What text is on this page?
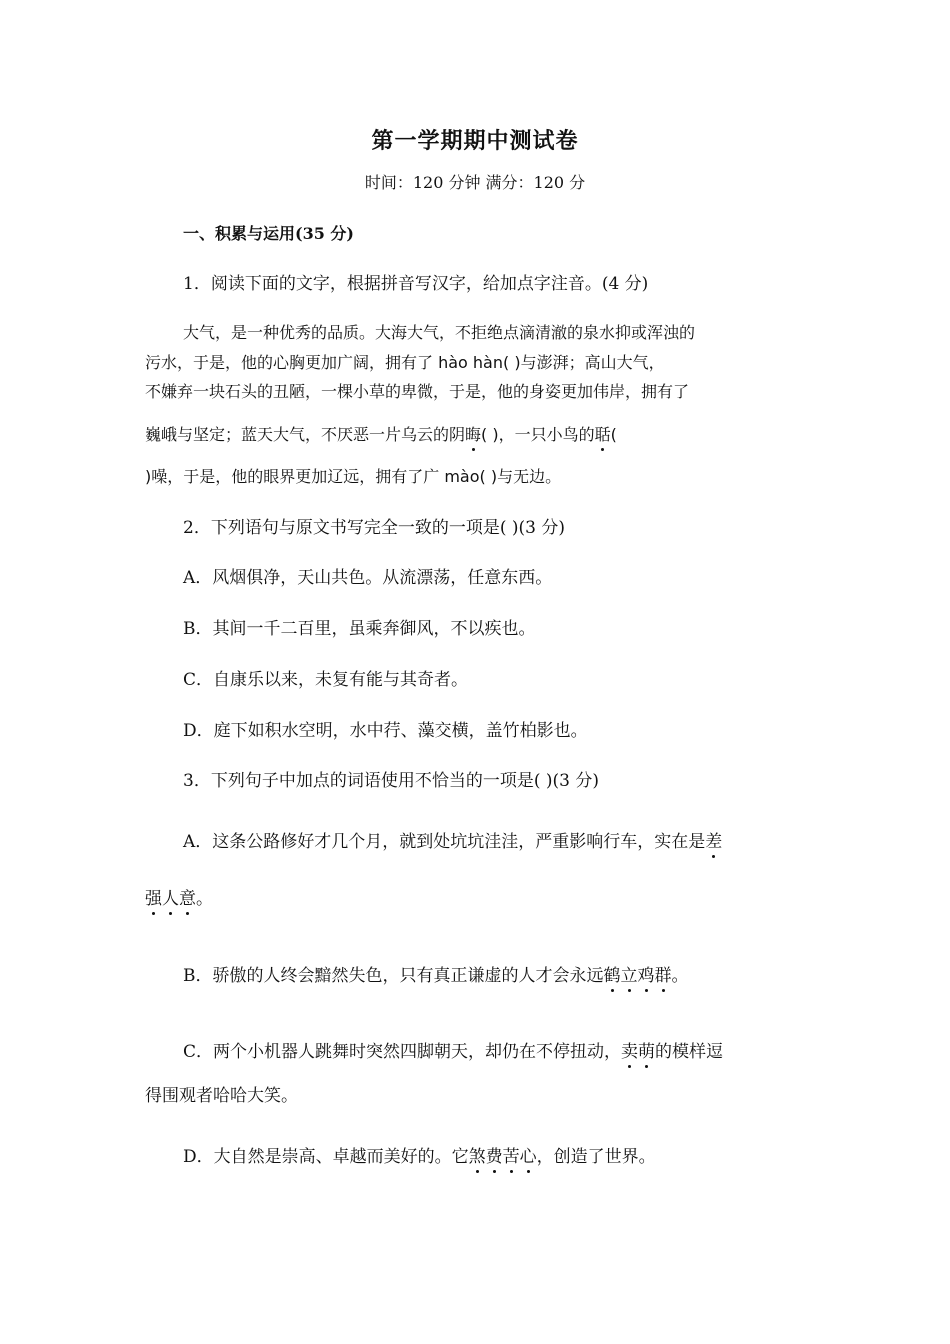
第一学期期中测试卷
时间：120 分钟 满分：120 分
一、积累与运用(35 分)
1．阅读下面的文字，根据拼音写汉字，给加点字注音。(4 分)
大气，是一种优秀的品质。大海大气，不拒绝点滴清澈的泉水抑或浑浊的
污水，于是，他的心胸更加广阔，拥有了 hào hàn( )与澎湃；高山大气，
不嫌弃一块石头的丑陋，一棵小草的卑微，于是，他的身姿更加伟岸，拥有了
巍峨与坚定；蓝天大气，不厌恶一片乌云的阴晦( )，一只小鸟的聒(
)噪，于是，他的眼界更加辽远，拥有了广 mào( )与无边。
2．下列语句与原文书写完全一致的一项是( )(3 分)
A．风烟俱净，天山共色。从流漂荡，任意东西。
B．其间一千二百里，虽乘奔御风，不以疾也。
C．自康乐以来，未复有能与其奇者。
D．庭下如积水空明，水中荇、藻交横，盖竹柏影也。
3．下列句子中加点的词语使用不恰当的一项是( )(3 分)
A．这条公路修好才几个月，就到处坑坑洼洼，严重影响行车，实在是差
强人意。
B．骄傲的人终会黯然失色，只有真正谦虚的人才会永远鹤立鸡群。
C．两个小机器人跳舞时突然四脚朝天，却仍在不停扭动，卖萌的模样逗
得围观者哈哈大笑。
D．大自然是崇高、卓越而美好的。它煞费苦心，创造了世界。
